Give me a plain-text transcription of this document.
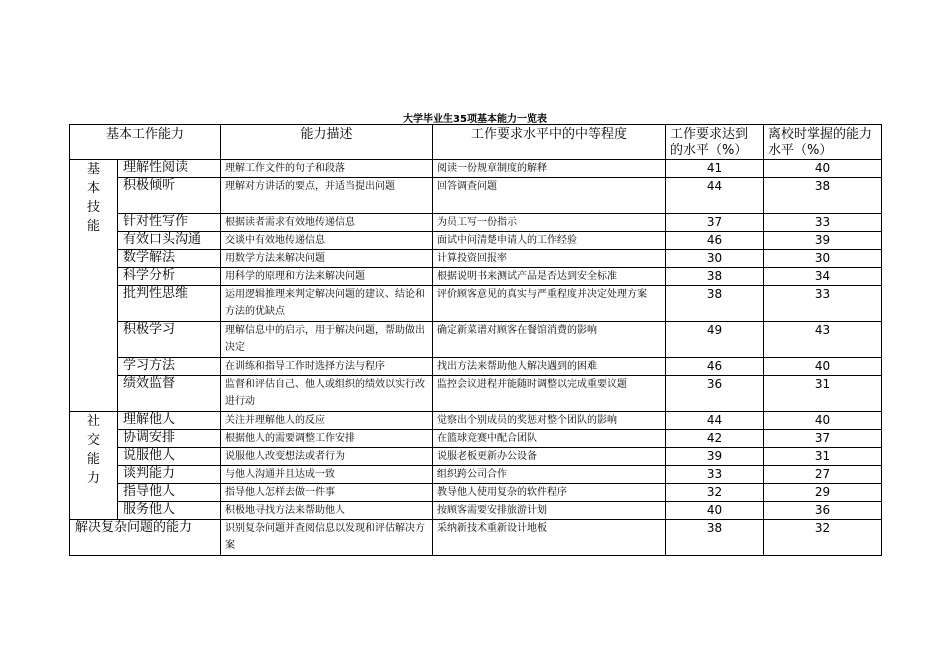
大学毕业生35项基本能力一览表
基本工作能力		能力描述	工作要求水平中的中等程度	工作要求达到的水平（%）	离校时掌握的能力水平（%）

基
本
技
能	理解性阅读	理解工作文件的句子和段落	阅读一份规章制度的解释	41	40
	积极倾听	理解对方讲话的要点，并适当提出问题	回答调查问题	44	38
	针对性写作	根据读者需求有效地传递信息	为员工写一份指示	37	33
	有效口头沟通	交谈中有效地传递信息	面试中问清楚申请人的工作经验	46	39
	数学解法	用数学方法来解决问题	计算投资回报率	30	30
	科学分析	用科学的原理和方法来解决问题	根据说明书来测试产品是否达到安全标准	38	34
	批判性思维	运用逻辑推理来判定解决问题的建议、结论和方法的优缺点	评价顾客意见的真实与严重程度并决定处理方案	38	33
	积极学习	理解信息中的启示，用于解决问题，帮助做出决定	确定新菜谱对顾客在餐馆消费的影响	49	43
	学习方法	在训练和指导工作时选择方法与程序	找出方法来帮助他人解决遇到的困难	46	40
	绩效监督	监督和评估自己、他人或组织的绩效以实行改进行动	监控会议进程并能随时调整以完成重要议题	36	31

社
交
能
力	理解他人	关注并理解他人的反应	觉察出个别成员的奖惩对整个团队的影响	44	40
	协调安排	根据他人的需要调整工作安排	在篮球竞赛中配合团队	42	37
	说服他人	说服他人改变想法或者行为	说服老板更新办公设备	39	31
	谈判能力	与他人沟通并且达成一致	组织跨公司合作	33	27
	指导他人	指导他人怎样去做一件事	教导他人使用复杂的软件程序	32	29
	服务他人	积极地寻找方法来帮助他人	按顾客需要安排旅游计划	40	36
解决复杂问题的能力		识别复杂问题并查阅信息以发现和评估解决方案	采纳新技术重新设计地板	38	32
